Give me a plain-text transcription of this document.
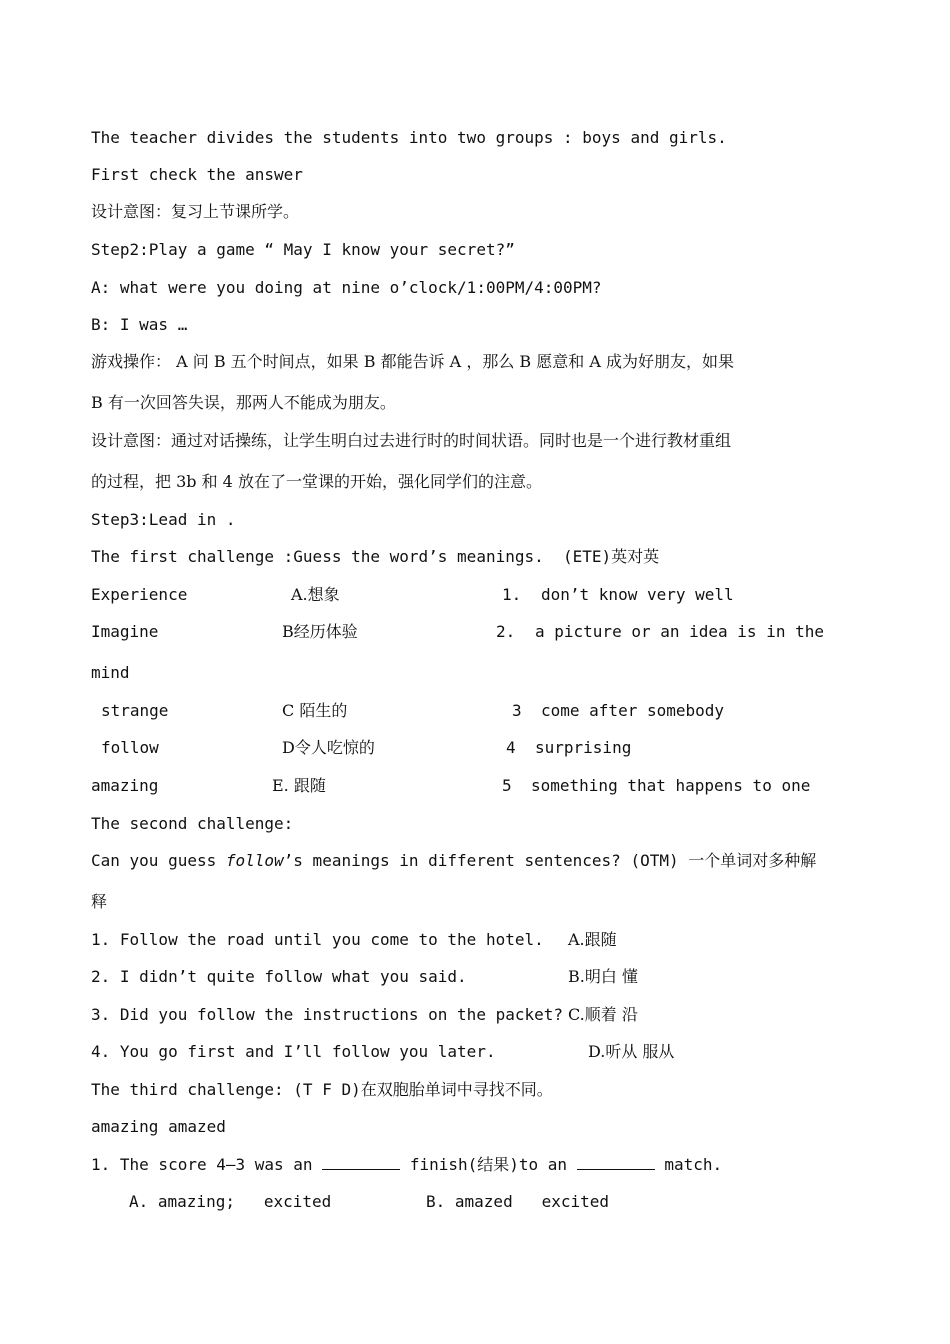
The teacher divides the students into two groups : boys and girls.
First check the answer
设计意图：复习上节课所学。
Step2:Play a game “ May I know your secret?”
A: what were you doing at nine o’clock/1:00PM/4:00PM?
B: I was …
游戏操作： A 问 B 五个时间点，如果 B 都能告诉 A ，那么 B 愿意和 A 成为好朋友，如果
B 有一次回答失误，那两人不能成为朋友。
设计意图：通过对话操练，让学生明白过去进行时的时间状语。同时也是一个进行教材重组
的过程，把 3b 和 4 放在了一堂课的开始，强化同学们的注意。
Step3:Lead in .
The first challenge :Guess the word’s meanings.  (ETE)英对英
Experience	A.想象	1. don’t know very well
Imagine	B经历体验	2. a picture or an idea is in the
mind
strange	C 陌生的	3 come after somebody
follow	D令人吃惊的	4 surprising
amazing	E. 跟随	5 something that happens to one
The second challenge:
Can you guess follow’s meanings in different sentences? (OTM) 一个单词对多种解
释
1. Follow the road until you come to the hotel. A.跟随
2. I didn’t quite follow what you said.	B.明白 懂
3. Did you follow the instructions on the packet? C.顺着 沿
4. You go first and I’ll follow you later.	D.听从 服从
The third challenge: (T F D)在双胞胎单词中寻找不同。
amazing amazed
1. The score 4—3 was an	finish(结果)to an	match.
A. amazing;   excited	B. amazed   excited
